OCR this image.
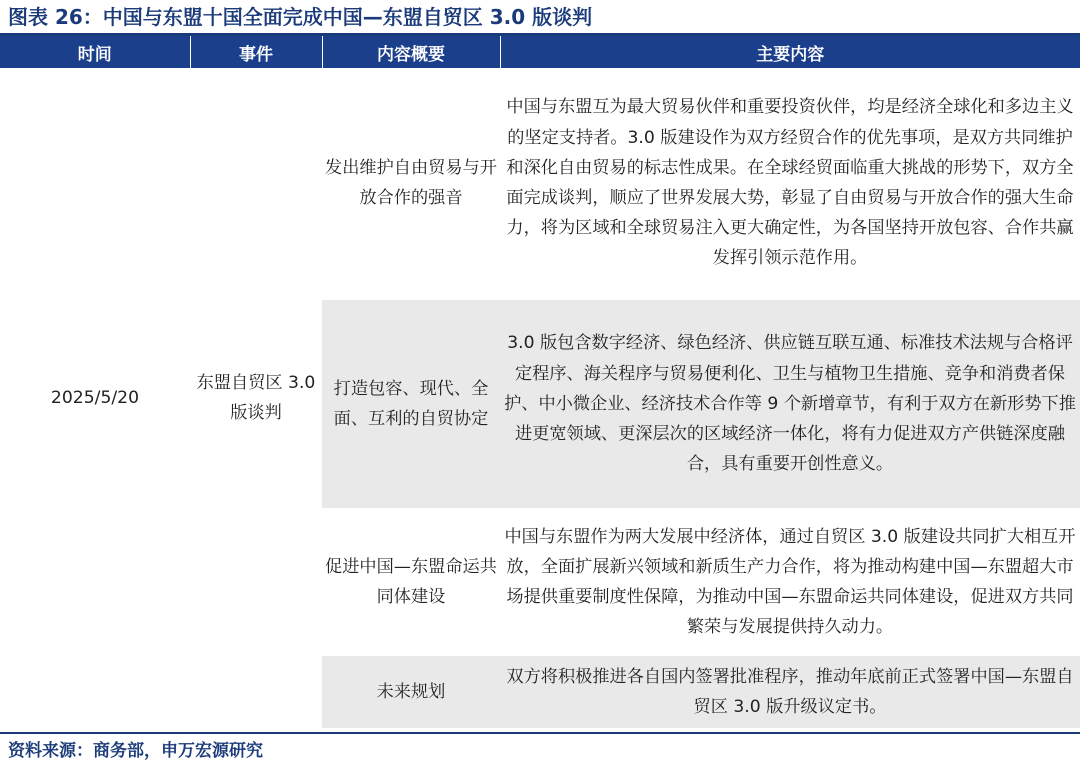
图表 26：中国与东盟十国全面完成中国—东盟自贸区 3.0 版谈判
时间	事件	内容概要	主要内容
2025/5/20	东盟自贸区 3.0 版谈判	发出维护自由贸易与开放合作的强音	中国与东盟互为最大贸易伙伴和重要投资伙伴，均是经济全球化和多边主义的坚定支持者。3.0 版建设作为双方经贸合作的优先事项，是双方共同维护和深化自由贸易的标志性成果。在全球经贸面临重大挑战的形势下，双方全面完成谈判，顺应了世界发展大势，彰显了自由贸易与开放合作的强大生命力，将为区域和全球贸易注入更大确定性，为各国坚持开放包容、合作共赢发挥引领示范作用。
		打造包容、现代、全面、互利的自贸协定	3.0 版包含数字经济、绿色经济、供应链互联互通、标准技术法规与合格评定程序、海关程序与贸易便利化、卫生与植物卫生措施、竞争和消费者保护、中小微企业、经济技术合作等 9 个新增章节，有利于双方在新形势下推进更宽领域、更深层次的区域经济一体化，将有力促进双方产供链深度融合，具有重要开创性意义。
		促进中国—东盟命运共同体建设	中国与东盟作为两大发展中经济体，通过自贸区 3.0 版建设共同扩大相互开放，全面扩展新兴领域和新质生产力合作，将为推动构建中国—东盟超大市场提供重要制度性保障，为推动中国—东盟命运共同体建设，促进双方共同繁荣与发展提供持久动力。
		未来规划	双方将积极推进各自国内签署批准程序，推动年底前正式签署中国—东盟自贸区 3.0 版升级议定书。
资料来源：商务部，申万宏源研究
